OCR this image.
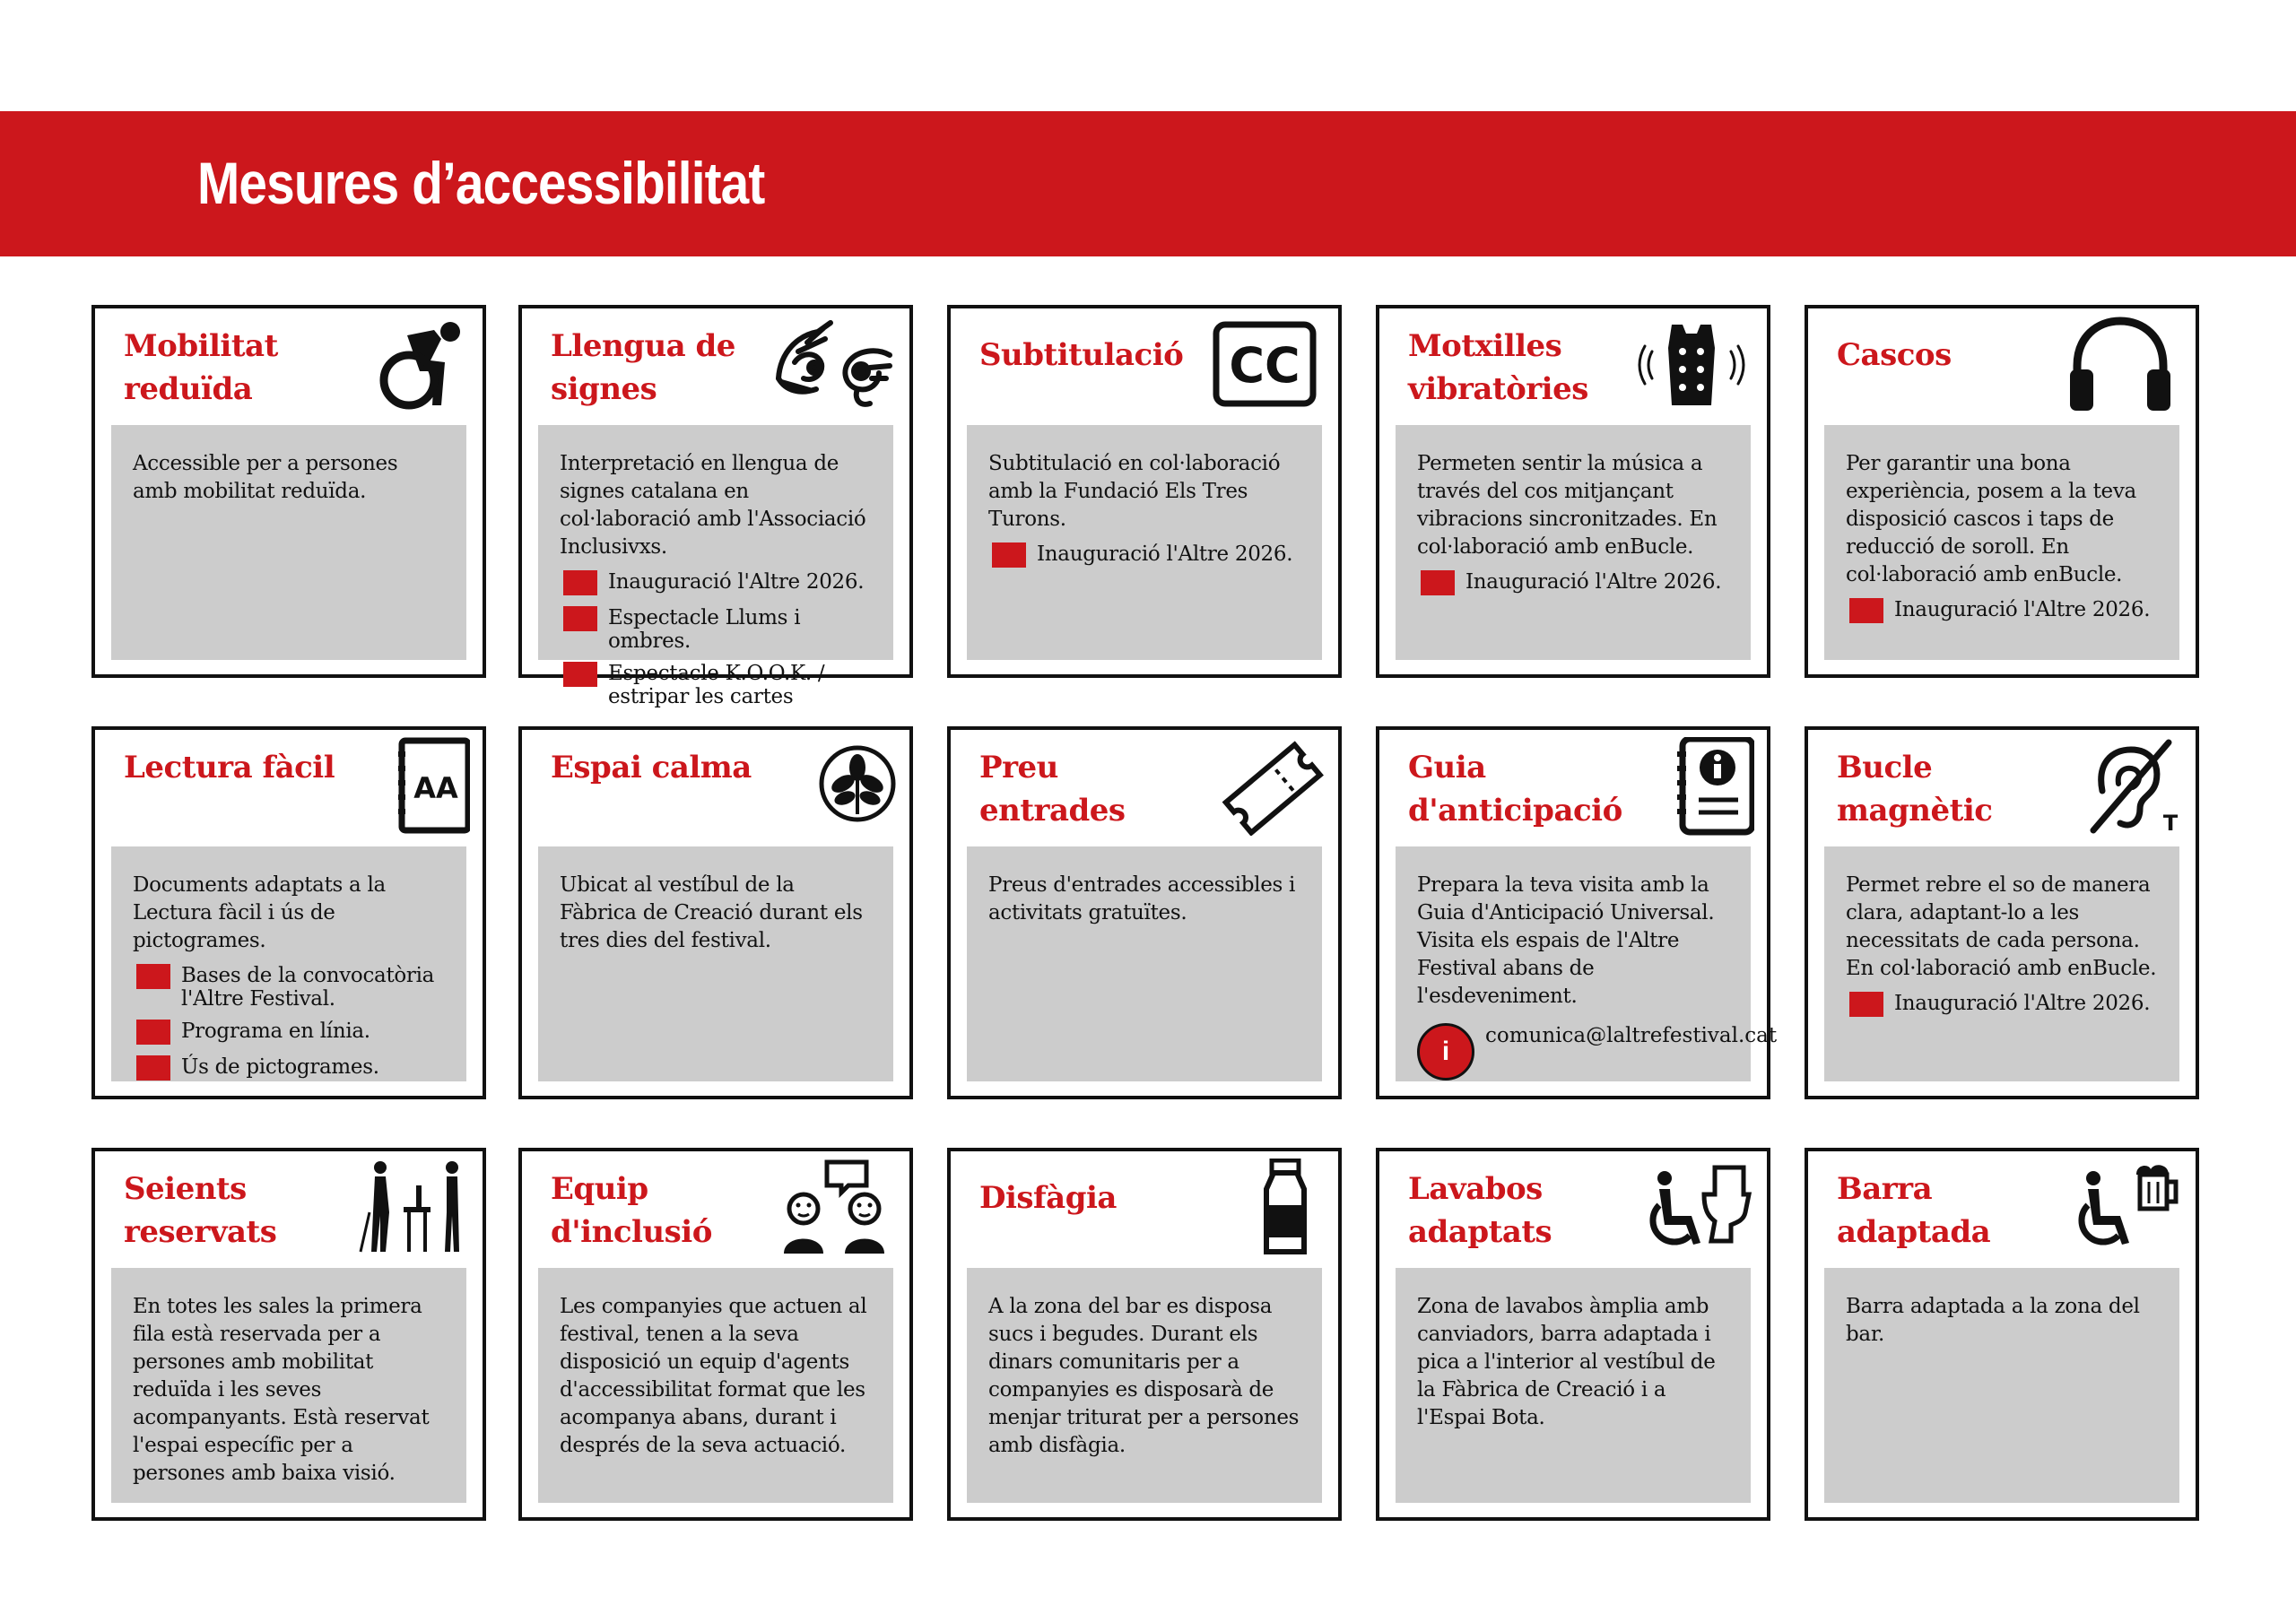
Mesures d’accessibilitat
Mobilitat reduïda

Accessible per a persones amb mobilitat reduïda.

Llengua de signes

Interpretació en llengua de signes catalana en col·laboració amb l'Associació Inclusivxs.

Inauguració l'Altre 2026.
Espectacle Llums i ombres.
Espectacle K.O.O.K. / estripar les cartes
Subtitulació CC

Subtitulació en col·laboració amb la Fundació Els Tres Turons.

Inauguració l'Altre 2026.
Motxilles vibratòries

Permeten sentir la música a través del cos mitjançant vibracions sincronitzades. En col·laboració amb enBucle.

Inauguració l'Altre 2026.
Cascos

Per garantir una bona experiència, posem a la teva disposició cascos i taps de reducció de soroll. En col·laboració amb enBucle.

Inauguració l'Altre 2026.
Lectura fàcil
AA

Documents adaptats a la Lectura fàcil i ús de pictogrames.

Bases de la convocatòria l'Altre Festival.
Programa en línia.
Ús de pictogrames.
Espai calma

Ubicat al vestíbul de la Fàbrica de Creació durant els tres dies del festival.

Preu entrades

Preus d'entrades accessibles i activitats gratuïtes.

Guia d'anticipació

Prepara la teva visita amb la Guia d'Anticipació Universal. Visita els espais de l'Altre Festival abans de l'esdeveniment.

i
comunica@laltrefestival.cat
Bucle magnètic	T

Permet rebre el so de manera clara, adaptant-lo a les necessitats de cada persona. En col·laboració amb enBucle.

Inauguració l'Altre 2026.
Seients reservats

En totes les sales la primera fila està reservada per a persones amb mobilitat reduïda i les seves acompanyants. Està reservat l'espai específic per a persones amb baixa visió.

Equip d'inclusió

Les companyies que actuen al festival, tenen a la seva disposició un equip d'agents d'accessibilitat format que les acompanya abans, durant i després de la seva actuació.

Disfàgia

A la zona del bar es disposa sucs i begudes. Durant els dinars comunitaris per a companyies es disposarà de menjar triturat per a persones amb disfàgia.

Lavabos adaptats

Zona de lavabos àmplia amb canviadors, barra adaptada i pica a l'interior al vestíbul de la Fàbrica de Creació i a l'Espai Bota.

Barra adaptada

Barra adaptada a la zona del bar.
